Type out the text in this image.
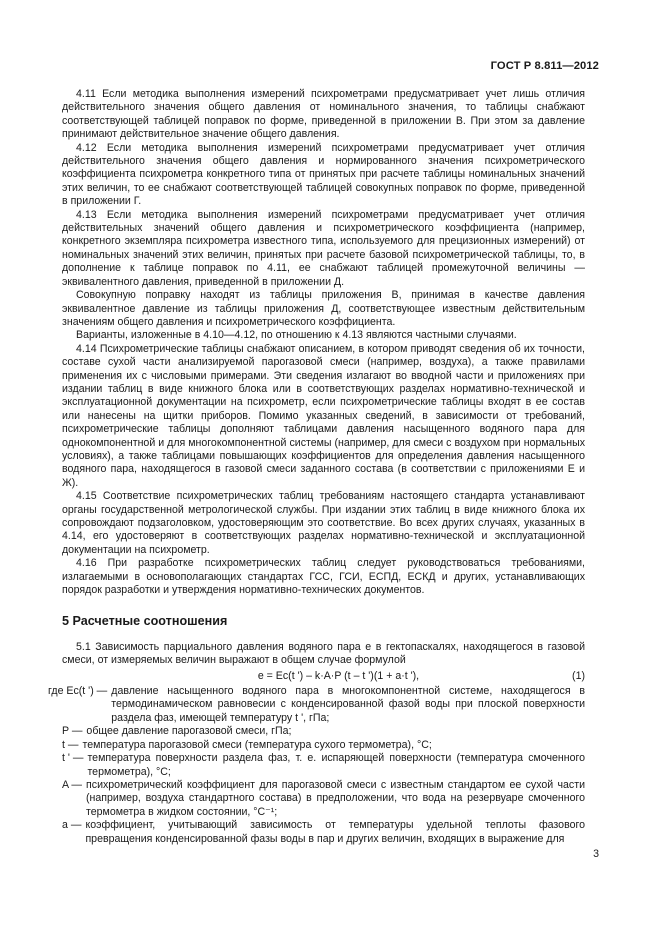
ГОСТ Р 8.811—2012

4.11 Если методика выполнения измерений психрометрами предусматривает учет лишь отличия действительного значения общего давления от номинального значения, то таблицы снабжают соответствующей таблицей поправок по форме, приведенной в приложении В. При этом за давление принимают действительное значение общего давления.

4.12 Если методика выполнения измерений психрометрами предусматривает учет отличия действительного значения общего давления и нормированного значения психрометрического коэффициента психрометра конкретного типа от принятых при расчете таблицы номинальных значений этих величин, то ее снабжают соответствующей таблицей совокупных поправок по форме, приведенной в приложении Г.

4.13 Если методика выполнения измерений психрометрами предусматривает учет отличия действительных значений общего давления и психрометрического коэффициента (например, конкретного экземпляра психрометра известного типа, используемого для прецизионных измерений) от номинальных значений этих величин, принятых при расчете базовой психрометрической таблицы, то, в дополнение к таблице поправок по 4.11, ее снабжают таблицей промежуточной величины — эквивалентного давления, приведенной в приложении Д.

Совокупную поправку находят из таблицы приложения В, принимая в качестве давления эквивалентное давление из таблицы приложения Д, соответствующее известным действительным значениям общего давления и психрометрического коэффициента.

Варианты, изложенные в 4.10—4.12, по отношению к 4.13 являются частными случаями.

4.14 Психрометрические таблицы снабжают описанием, в котором приводят сведения об их точности, составе сухой части анализируемой парогазовой смеси (например, воздуха), а также правилами применения их с числовыми примерами. Эти сведения излагают во вводной части и приложениях при издании таблиц в виде книжного блока или в соответствующих разделах нормативно-технической и эксплуатационной документации на психрометр, если психрометрические таблицы входят в ее состав или нанесены на щитки приборов. Помимо указанных сведений, в зависимости от требований, психрометрические таблицы дополняют таблицами давления насыщенного водяного пара для однокомпонентной и для многокомпонентной системы (например, для смеси с воздухом при нормальных условиях), а также таблицами повышающих коэффициентов для определения давления насыщенного водяного пара, находящегося в газовой смеси заданного состава (в соответствии с приложениями Е и Ж).

4.15 Соответствие психрометрических таблиц требованиям настоящего стандарта устанавливают органы государственной метрологической службы. При издании этих таблиц в виде книжного блока их сопровождают подзаголовком, удостоверяющим это соответствие. Во всех других случаях, указанных в 4.14, его удостоверяют в соответствующих разделах нормативно-технической и эксплуатационной документации на психрометр.

4.16 При разработке психрометрических таблиц следует руководствоваться требованиями, излагаемыми в основополагающих стандартах ГСС, ГСИ, ЕСПД, ЕСКД и других, устанавливающих порядок разработки и утверждения нормативно-технических документов.

5 Расчетные соотношения

5.1 Зависимость парциального давления водяного пара e в гектопаскалях, находящегося в газовой смеси, от измеряемых величин выражают в общем случае формулой

e = Ec(t ') – k·A·P (t – t ')(1 + a·t '),	(1)
где Ec(t ') — давление насыщенного водяного пара в многокомпонентной системе, находящегося в термодинамическом равновесии с конденсированной фазой воды при плоской поверхности раздела фаз, имеющей температуру t ', гПа;
P — общее давление парогазовой смеси, гПа;
t — температура парогазовой смеси (температура сухого термометра), °С;
t ' — температура поверхности раздела фаз, т. е. испаряющей поверхности (температура смоченного термометра), °С;
A — психрометрический коэффициент для парогазовой смеси с известным стандартом ее сухой части (например, воздуха стандартного состава) в предположении, что вода на резервуаре смоченного термометра в жидком состоянии, °С⁻¹;
a — коэффициент, учитывающий зависимость от температуры удельной теплоты фазового превращения конденсированной фазы воды в пар и других величин, входящих в выражение для
3
